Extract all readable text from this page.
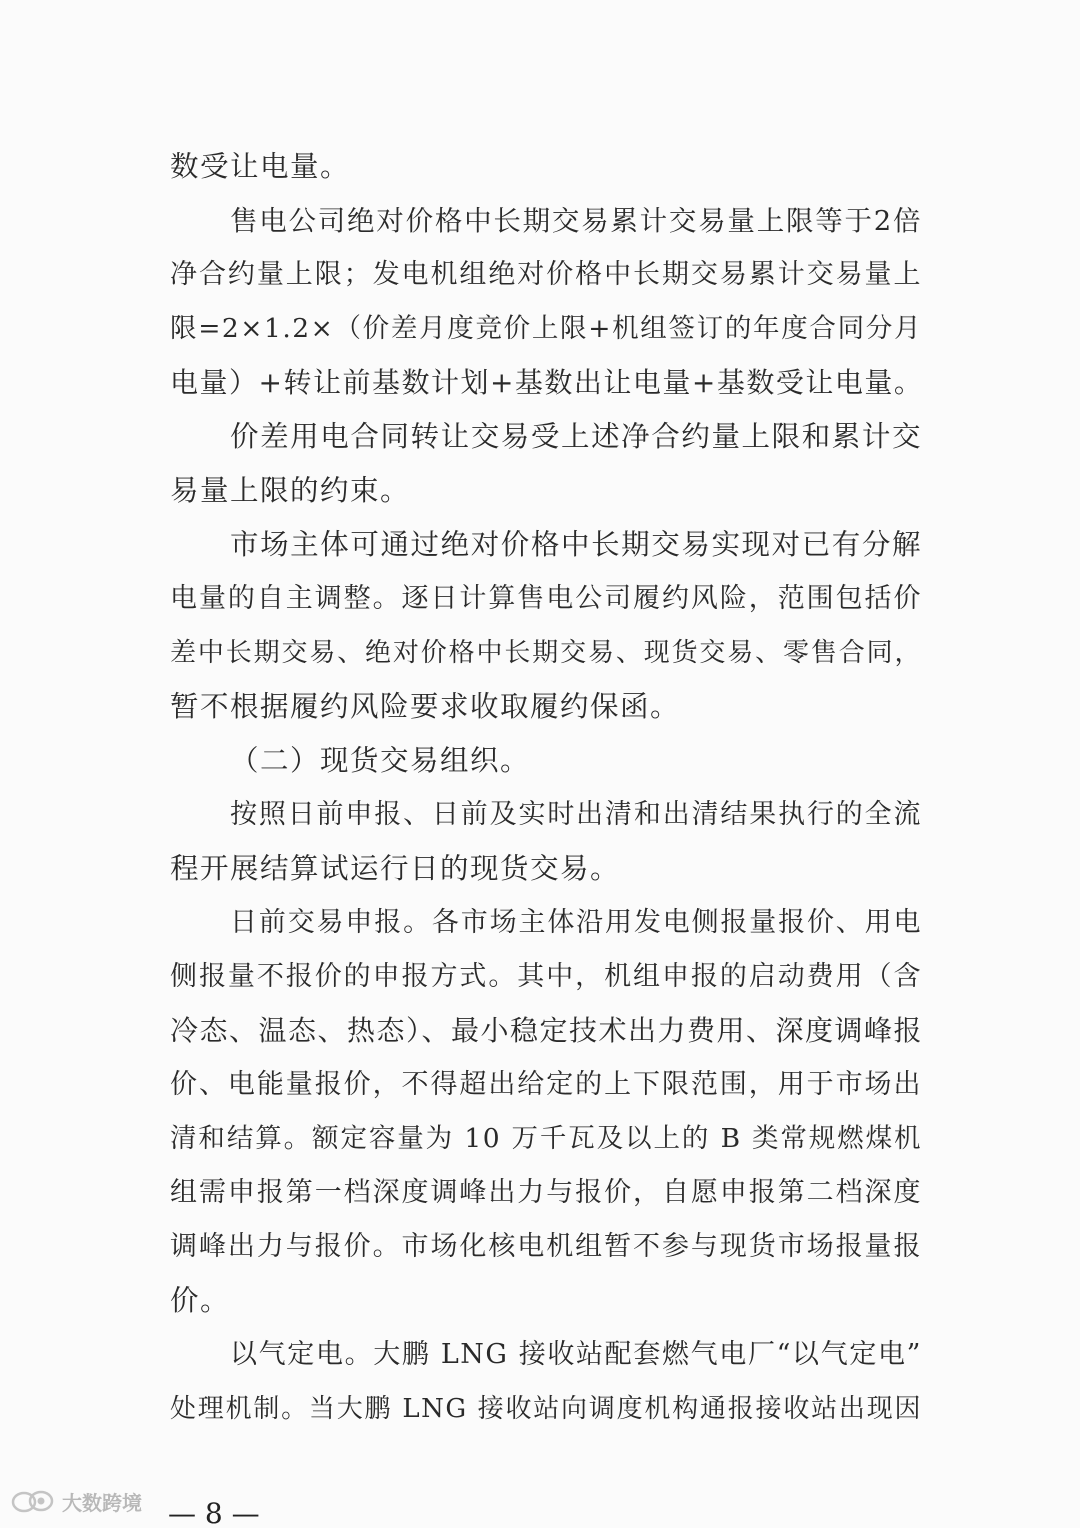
数受让电量。
售电公司绝对价格中长期交易累计交易量上限等于2倍
净合约量上限；发电机组绝对价格中长期交易累计交易量上
限=2×1.2×（价差月度竞价上限+机组签订的年度合同分月
电量）+转让前基数计划+基数出让电量+基数受让电量。
价差用电合同转让交易受上述净合约量上限和累计交
易量上限的约束。
市场主体可通过绝对价格中长期交易实现对已有分解
电量的自主调整。逐日计算售电公司履约风险，范围包括价
差中长期交易、绝对价格中长期交易、现货交易、零售合同，
暂不根据履约风险要求收取履约保函。
（二）现货交易组织。
按照日前申报、日前及实时出清和出清结果执行的全流
程开展结算试运行日的现货交易。
日前交易申报。各市场主体沿用发电侧报量报价、用电
侧报量不报价的申报方式。其中，机组申报的启动费用（含
冷态、温态、热态）、最小稳定技术出力费用、深度调峰报
价、电能量报价，不得超出给定的上下限范围，用于市场出
清和结算。额定容量为 10 万千瓦及以上的 B 类常规燃煤机
组需申报第一档深度调峰出力与报价，自愿申报第二档深度
调峰出力与报价。市场化核电机组暂不参与现货市场报量报
价。
以气定电。大鹏 LNG 接收站配套燃气电厂“以气定电”
处理机制。当大鹏 LNG 接收站向调度机构通报接收站出现因
— 8 —
大数跨境
